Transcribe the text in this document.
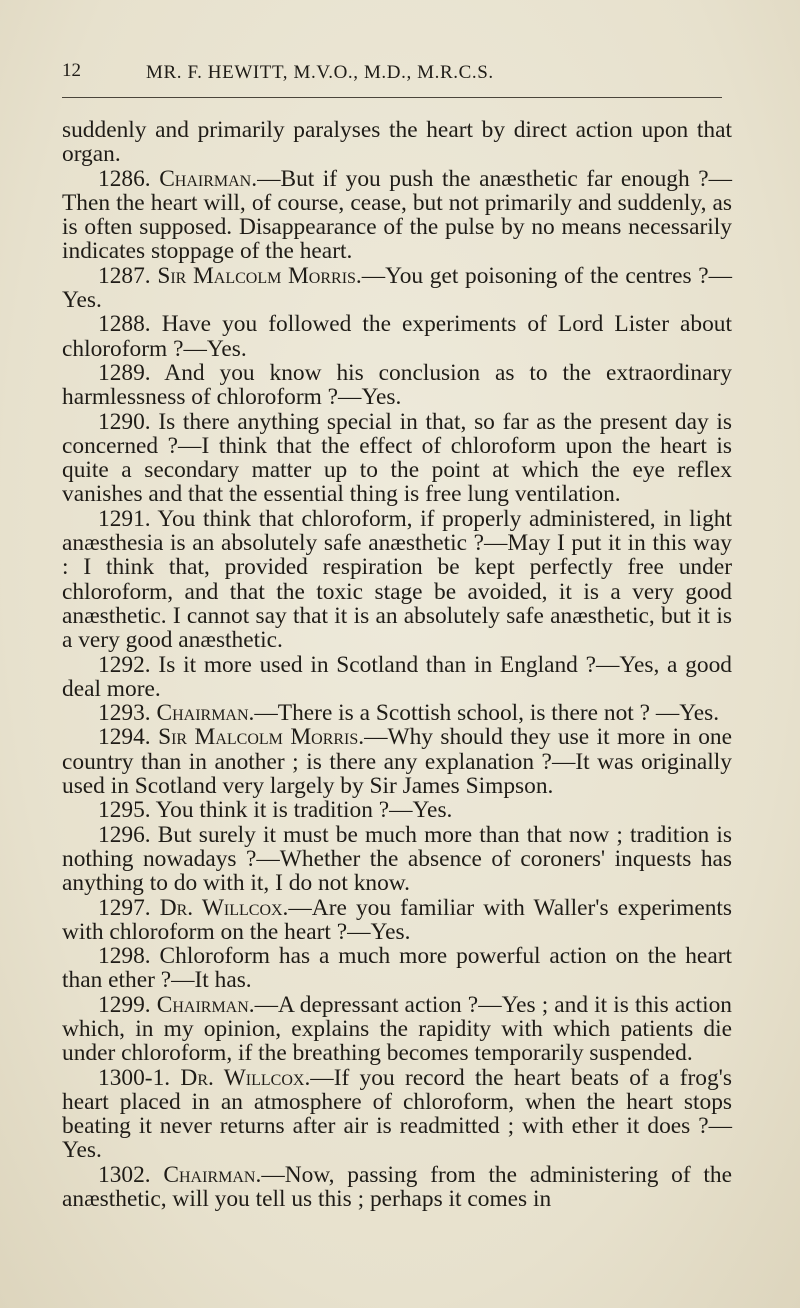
12	MR. F. HEWITT, M.V.O., M.D., M.R.C.S.

suddenly and primarily paralyses the heart by direct action upon that organ.

1286. Chairman.—But if you push the anæsthetic far enough ?—Then the heart will, of course, cease, but not primarily and suddenly, as is often supposed. Disappearance of the pulse by no means necessarily indicates stoppage of the heart.

1287. Sir Malcolm Morris.—You get poisoning of the centres ?—Yes.

1288. Have you followed the experiments of Lord Lister about chloroform ?—Yes.

1289. And you know his conclusion as to the extraordinary harmlessness of chloroform ?—Yes.

1290. Is there anything special in that, so far as the present day is concerned ?—I think that the effect of chloroform upon the heart is quite a secondary matter up to the point at which the eye reflex vanishes and that the essential thing is free lung ventilation.

1291. You think that chloroform, if properly administered, in light anæsthesia is an absolutely safe anæsthetic ?—May I put it in this way : I think that, provided respiration be kept perfectly free under chloroform, and that the toxic stage be avoided, it is a very good anæsthetic. I cannot say that it is an absolutely safe anæsthetic, but it is a very good anæsthetic.

1292. Is it more used in Scotland than in England ?—Yes, a good deal more.

1293. Chairman.—There is a Scottish school, is there not ? —Yes.

1294. Sir Malcolm Morris.—Why should they use it more in one country than in another ; is there any explanation ?—It was originally used in Scotland very largely by Sir James Simpson.

1295. You think it is tradition ?—Yes.

1296. But surely it must be much more than that now ; tradition is nothing nowadays ?—Whether the absence of coroners' inquests has anything to do with it, I do not know.

1297. Dr. Willcox.—Are you familiar with Waller's experiments with chloroform on the heart ?—Yes.

1298. Chloroform has a much more powerful action on the heart than ether ?—It has.

1299. Chairman.—A depressant action ?—Yes ; and it is this action which, in my opinion, explains the rapidity with which patients die under chloroform, if the breathing becomes temporarily suspended.

1300-1. Dr. Willcox.—If you record the heart beats of a frog's heart placed in an atmosphere of chloroform, when the heart stops beating it never returns after air is readmitted ; with ether it does ?—Yes.

1302. Chairman.—Now, passing from the administering of the anæsthetic, will you tell us this ; perhaps it comes in
